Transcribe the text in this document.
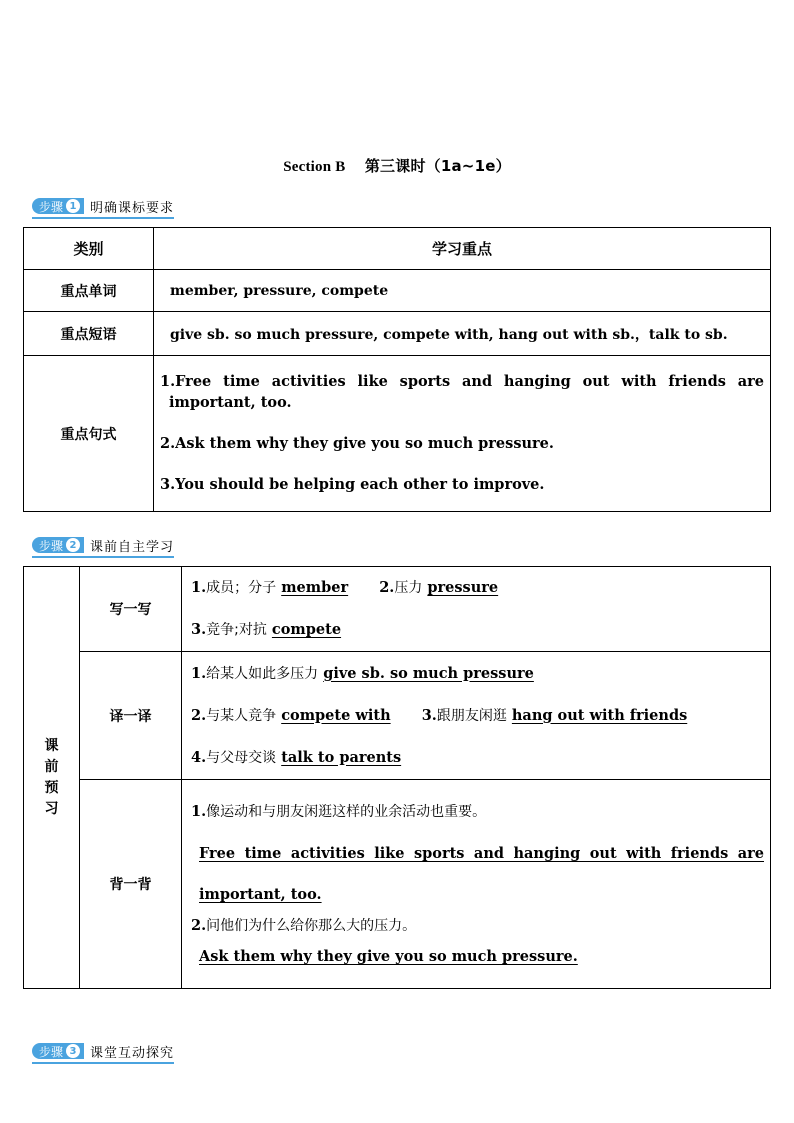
Section B 第三课时（1a~1e）
步骤 1 明确课标要求
类别	学习重点
重点单词	member, pressure, compete
重点短语	give sb. so much pressure, compete with, hang out with sb.，talk to sb.
重点句式	1.Free time activities like sports and hanging out with friends are
important, too.
2.Ask them why they give you so much pressure.
3.You should be helping each other to improve.
步骤 2 课前自主学习
课前预习	写一写	1.成员；分子 member 2.压力 pressure
3.竞争;对抗 compete

	译一译	1.给某人如此多压力 give sb. so much pressure
2.与某人竞争 compete with 3.跟朋友闲逛 hang out with friends
4.与父母交谈 talk to parents

	背一背	1.像运动和与朋友闲逛这样的业余活动也重要。
Free time activities like sports and hanging out with friends are
important, too.
2.问他们为什么给你那么大的压力。
Ask them why they give you so much pressure.
步骤 3 课堂互动探究
